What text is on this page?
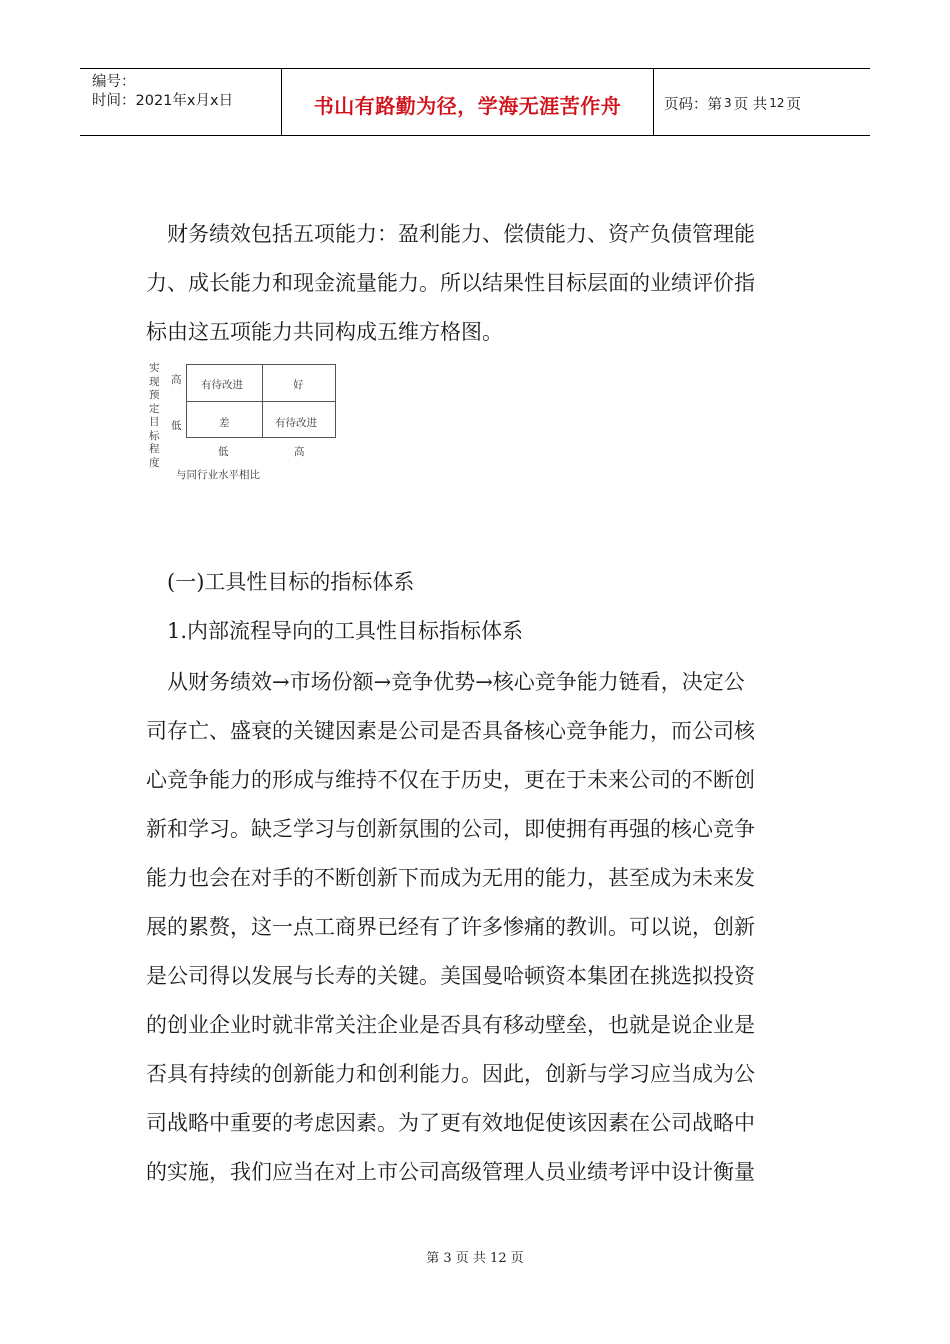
编号：
时间：2021年x月x日	书山有路勤为径，学海无涯苦作舟	页码：第 3 页 共 12 页
财务绩效包括五项能力：盈利能力、偿债能力、资产负债管理能
力、成长能力和现金流量能力。所以结果性目标层面的业绩评价指
标由这五项能力共同构成五维方格图。
实现预定目标程度
高
低
有待改进	好
差	有待改进
低	高
与同行业水平相比
(一)工具性目标的指标体系
1.内部流程导向的工具性目标指标体系
从财务绩效→市场份额→竞争优势→核心竞争能力链看，决定公
司存亡、盛衰的关键因素是公司是否具备核心竞争能力，而公司核
心竞争能力的形成与维持不仅在于历史，更在于未来公司的不断创
新和学习。缺乏学习与创新氛围的公司，即使拥有再强的核心竞争
能力也会在对手的不断创新下而成为无用的能力，甚至成为未来发
展的累赘，这一点工商界已经有了许多惨痛的教训。可以说，创新
是公司得以发展与长寿的关键。美国曼哈顿资本集团在挑选拟投资
的创业企业时就非常关注企业是否具有移动壁垒，也就是说企业是
否具有持续的创新能力和创利能力。因此，创新与学习应当成为公
司战略中重要的考虑因素。为了更有效地促使该因素在公司战略中
的实施，我们应当在对上市公司高级管理人员业绩考评中设计衡量
第 3 页 共 12 页
